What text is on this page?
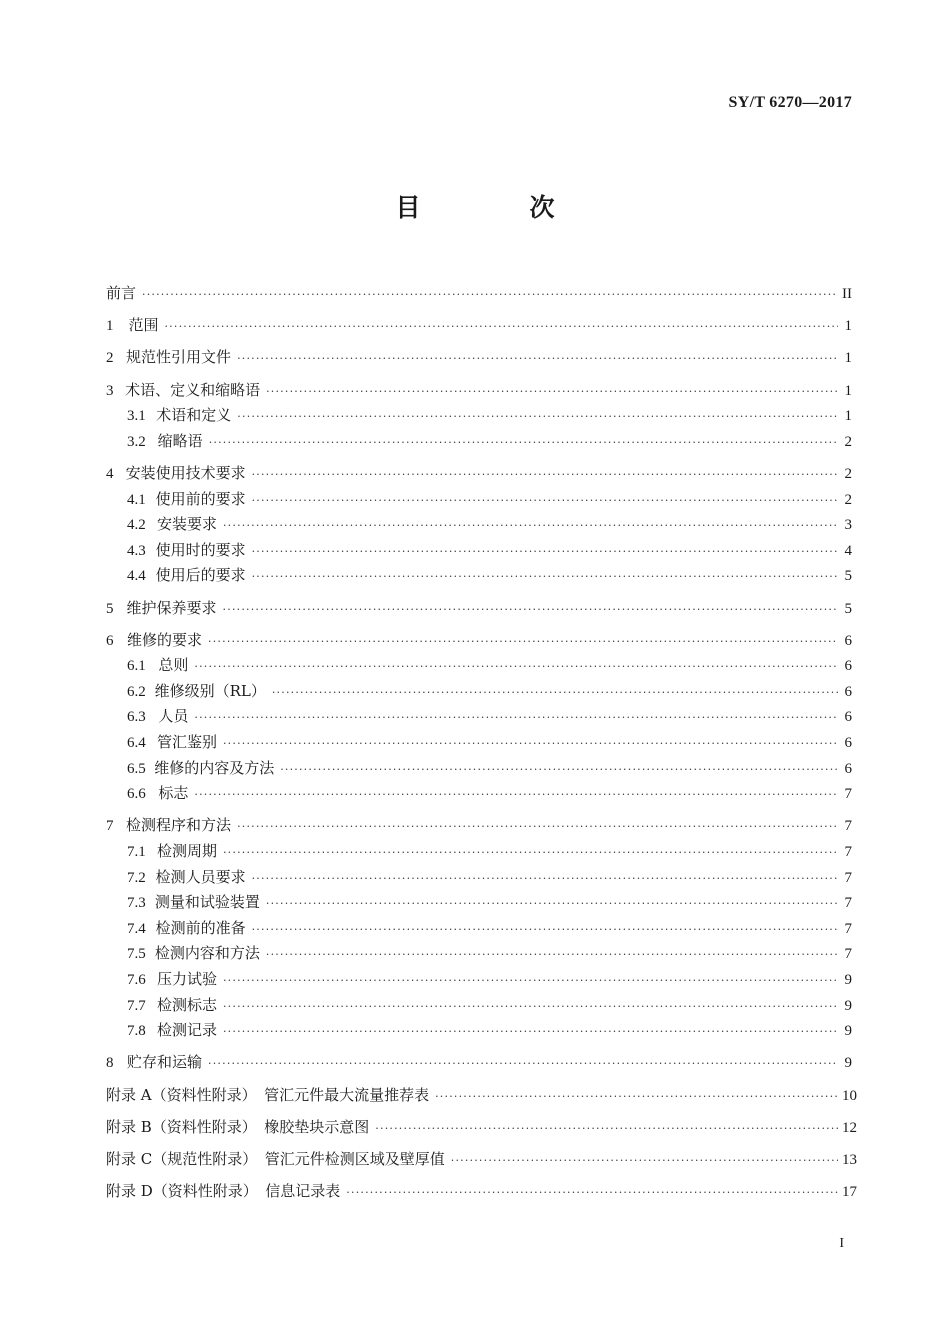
SY/T 6270—2017
目　次
前言 ·····	II
1 范围 ·····	1
2 规范性引用文件 ·····	1
3 术语、定义和缩略语 ·····	1
3.1 术语和定义 ·····	1
3.2 缩略语 ·····	2
4 安装使用技术要求 ·····	2
4.1 使用前的要求 ·····	2
4.2 安装要求 ·····	3
4.3 使用时的要求 ·····	4
4.4 使用后的要求 ·····	5
5 维护保养要求 ·····	5
6 维修的要求 ·····	6
6.1 总则 ·····	6
6.2 维修级别（RL） ·····	6
6.3 人员 ·····	6
6.4 管汇鉴别 ·····	6
6.5 维修的内容及方法 ·····	6
6.6 标志 ·····	7
7 检测程序和方法 ·····	7
7.1 检测周期 ·····	7
7.2 检测人员要求 ·····	7
7.3 测量和试验装置 ·····	7
7.4 检测前的准备 ·····	7
7.5 检测内容和方法 ·····	7
7.6 压力试验 ·····	9
7.7 检测标志 ·····	9
7.8 检测记录 ·····	9
8 贮存和运输 ·····	9
附录 A（资料性附录）　管汇元件最大流量推荐表 ·····	10
附录 B（资料性附录）　橡胶垫块示意图 ·····	12
附录 C（规范性附录）　管汇元件检测区域及壁厚值 ·····	13
附录 D（资料性附录）　信息记录表 ·····	17
I
